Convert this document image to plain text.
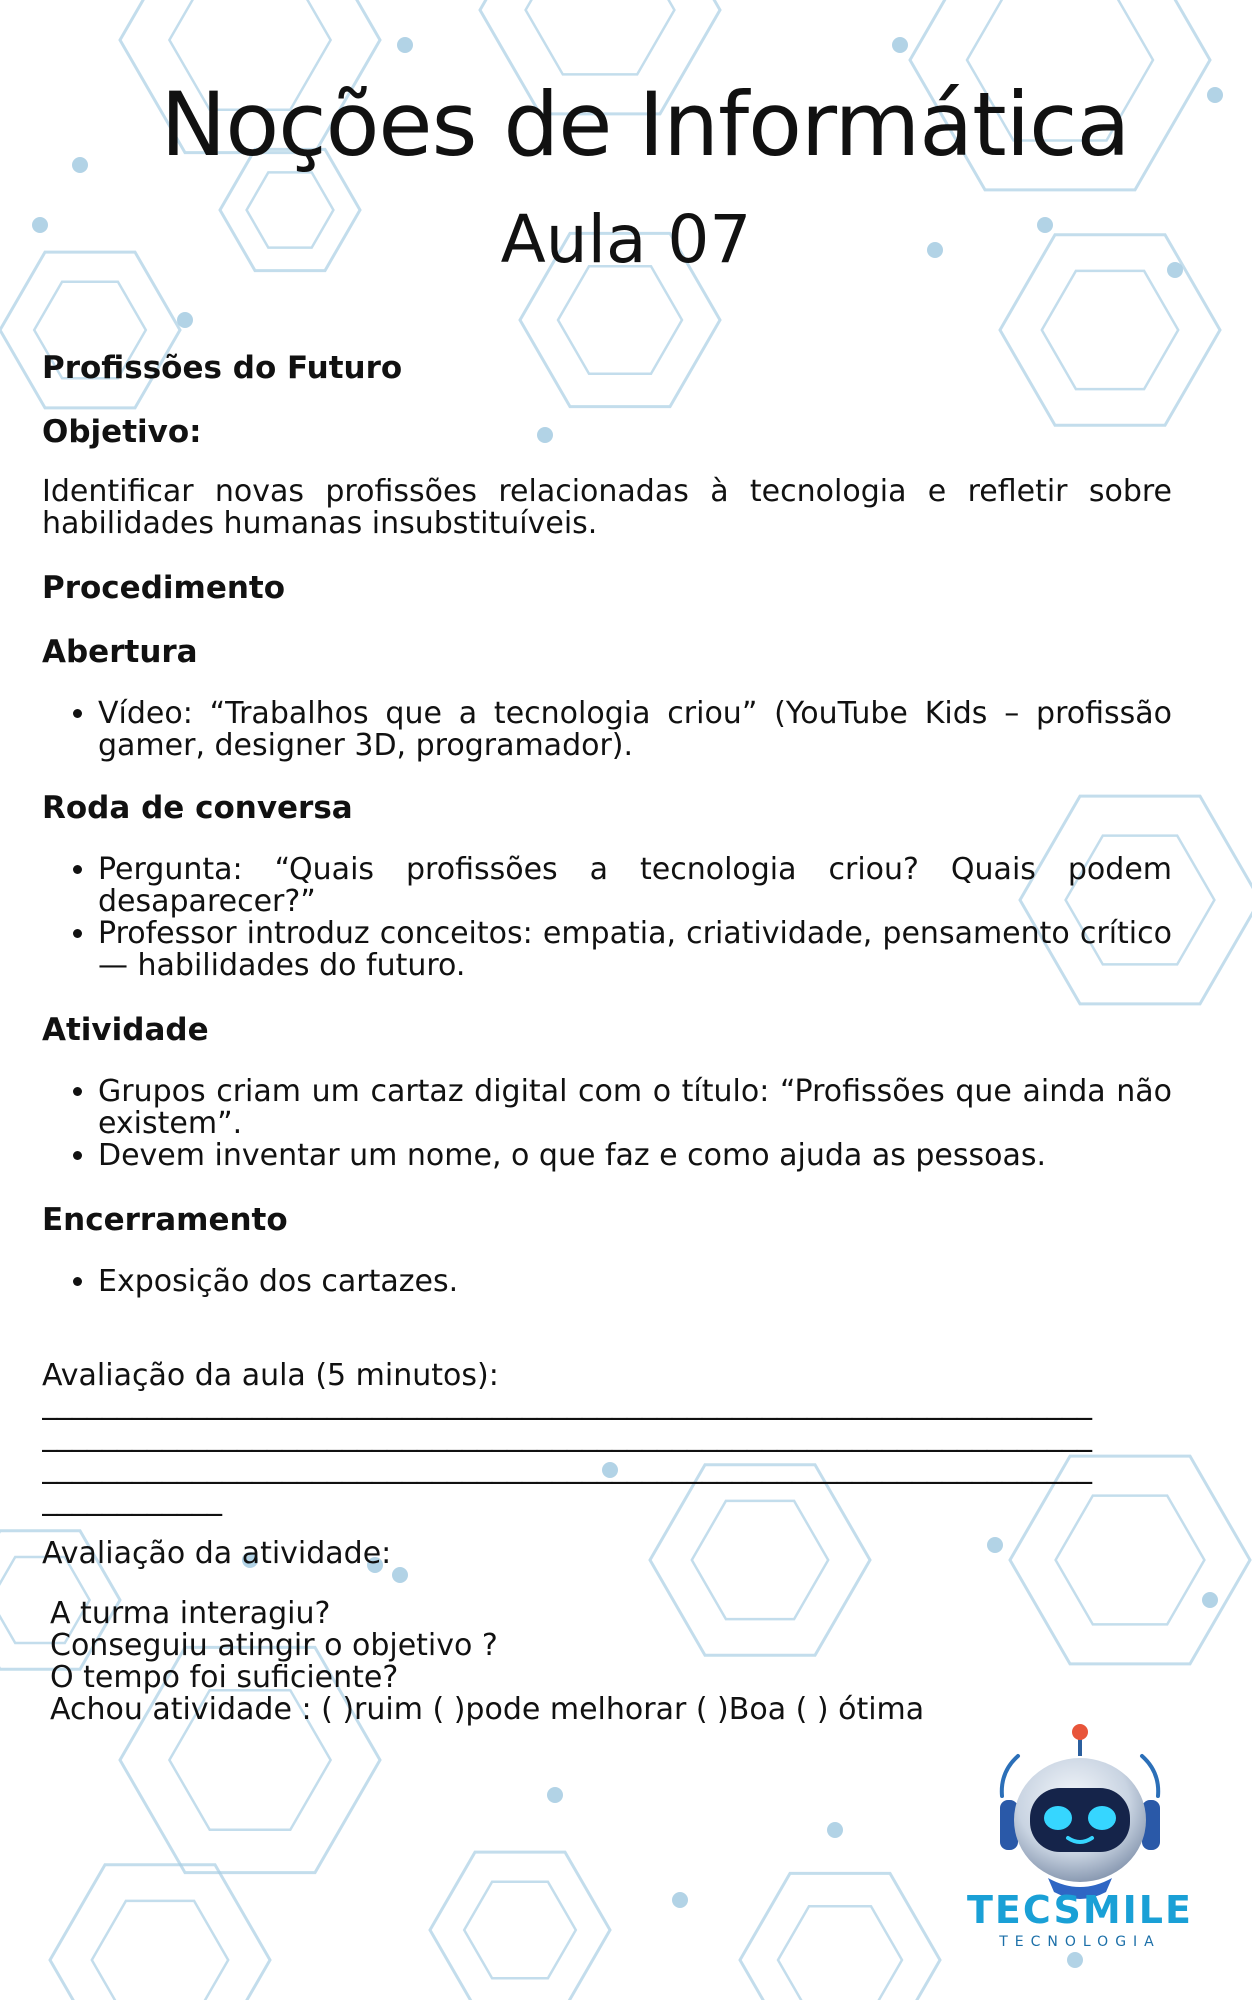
Noções de Informática
Aula 07

Profissões do Futuro

Objetivo:

Identificar novas profissões relacionadas à tecnologia e refletir sobre habilidades humanas insubstituíveis.

Procedimento

Abertura

• Vídeo: “Trabalhos que a tecnologia criou” (YouTube Kids – profissão gamer, designer 3D, programador).

Roda de conversa

• Pergunta: “Quais profissões a tecnologia criou? Quais podem desaparecer?”
• Professor introduz conceitos: empatia, criatividade, pensamento crítico — habilidades do futuro.

Atividade

• Grupos criam um cartaz digital com o título: “Profissões que ainda não existem”.
• Devem inventar um nome, o que faz e como ajuda as pessoas.

Encerramento

• Exposição dos cartazes.

Avaliação da aula (5 minutos):

______________________________________________________________________

______________________________________________________________________

______________________________________________________________________

____________

Avaliação da atividade:

A turma interagiu?

Conseguiu atingir o objetivo ?

O tempo foi suficiente?

Achou atividade : ( )ruim ( )pode melhorar ( )Boa ( ) ótima

TECSMILE
TECNOLOGIA
